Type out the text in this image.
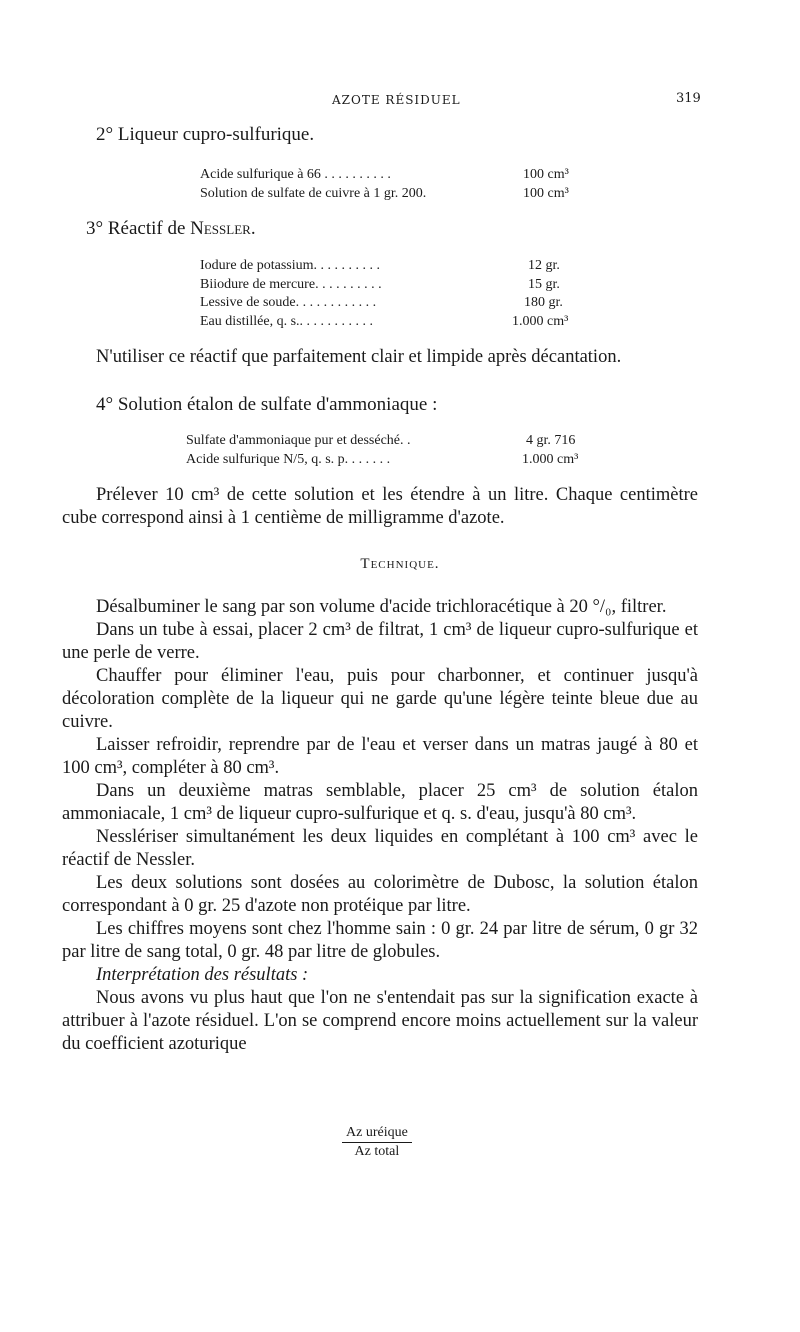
AZOTE RÉSIDUEL	319
2° Liqueur cupro-sulfurique.
Acide sulfurique à 66 . . . . . . . . . .	100 cm³
Solution de sulfate de cuivre à 1 gr. 200.	100 cm³
3° Réactif de Nessler.
Iodure de potassium. . . . . . . . . .	12 gr.
Biiodure de mercure. . . . . . . . . .	15 gr.
Lessive de soude. . . . . . . . . . . .	180 gr.
Eau distillée, q. s.. . . . . . . . . . .	1.000 cm³
N'utiliser ce réactif que parfaitement clair et limpide après décantation.
4° Solution étalon de sulfate d'ammoniaque :
Sulfate d'ammoniaque pur et desséché. .	4 gr. 716
Acide sulfurique N/5, q. s. p. . . . . . .	1.000 cm³
Prélever 10 cm³ de cette solution et les étendre à un litre. Chaque centimètre cube correspond ainsi à 1 centième de milligramme d'azote.
Technique.

Désalbuminer le sang par son volume d'acide trichloracétique à 20 °/₀, filtrer.

Dans un tube à essai, placer 2 cm³ de filtrat, 1 cm³ de liqueur cupro-sulfurique et une perle de verre.

Chauffer pour éliminer l'eau, puis pour charbonner, et continuer jusqu'à décoloration complète de la liqueur qui ne garde qu'une légère teinte bleue due au cuivre.

Laisser refroidir, reprendre par de l'eau et verser dans un matras jaugé à 80 et 100 cm³, compléter à 80 cm³.

Dans un deuxième matras semblable, placer 25 cm³ de solution étalon ammoniacale, 1 cm³ de liqueur cupro-sulfurique et q. s. d'eau, jusqu'à 80 cm³.

Nesslériser simultanément les deux liquides en complétant à 100 cm³ avec le réactif de Nessler.

Les deux solutions sont dosées au colorimètre de Dubosc, la solution étalon correspondant à 0 gr. 25 d'azote non protéique par litre.

Les chiffres moyens sont chez l'homme sain : 0 gr. 24 par litre de sérum, 0 gr 32 par litre de sang total, 0 gr. 48 par litre de globules.

Interprétation des résultats :

Nous avons vu plus haut que l'on ne s'entendait pas sur la signification exacte à attribuer à l'azote résiduel. L'on se comprend encore moins actuellement sur la valeur du coefficient azoturique

Az uréique
Az total
